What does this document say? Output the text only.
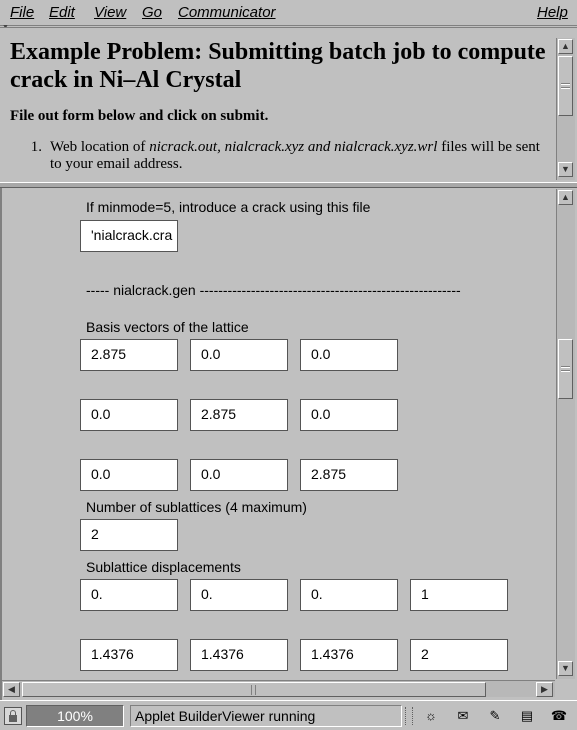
File Edit View Go Communicator	Help
Example Problem: Submitting batch job to compute crack in Ni–Al Crystal
File out form below and click on submit.
1. Web location of nicrack.out, nialcrack.xyz and nialcrack.xyz.wrl files will be sent to your email address.
▲
▼
If minmode=5, introduce a crack using this file
'nialcrack.cra
----- nialcrack.gen --------------------------------------------------------
Basis vectors of the lattice
2.875	0.0	0.0
0.0	2.875	0.0
0.0	0.0	2.875
Number of sublattices (4 maximum)
2
Sublattice displacements
0.	0.	0.	1
1.4376	1.4376	1.4376	2
▲
▼
◀	▶
100%	Applet BuilderViewer running	☼	✉	✎	▤	☎
